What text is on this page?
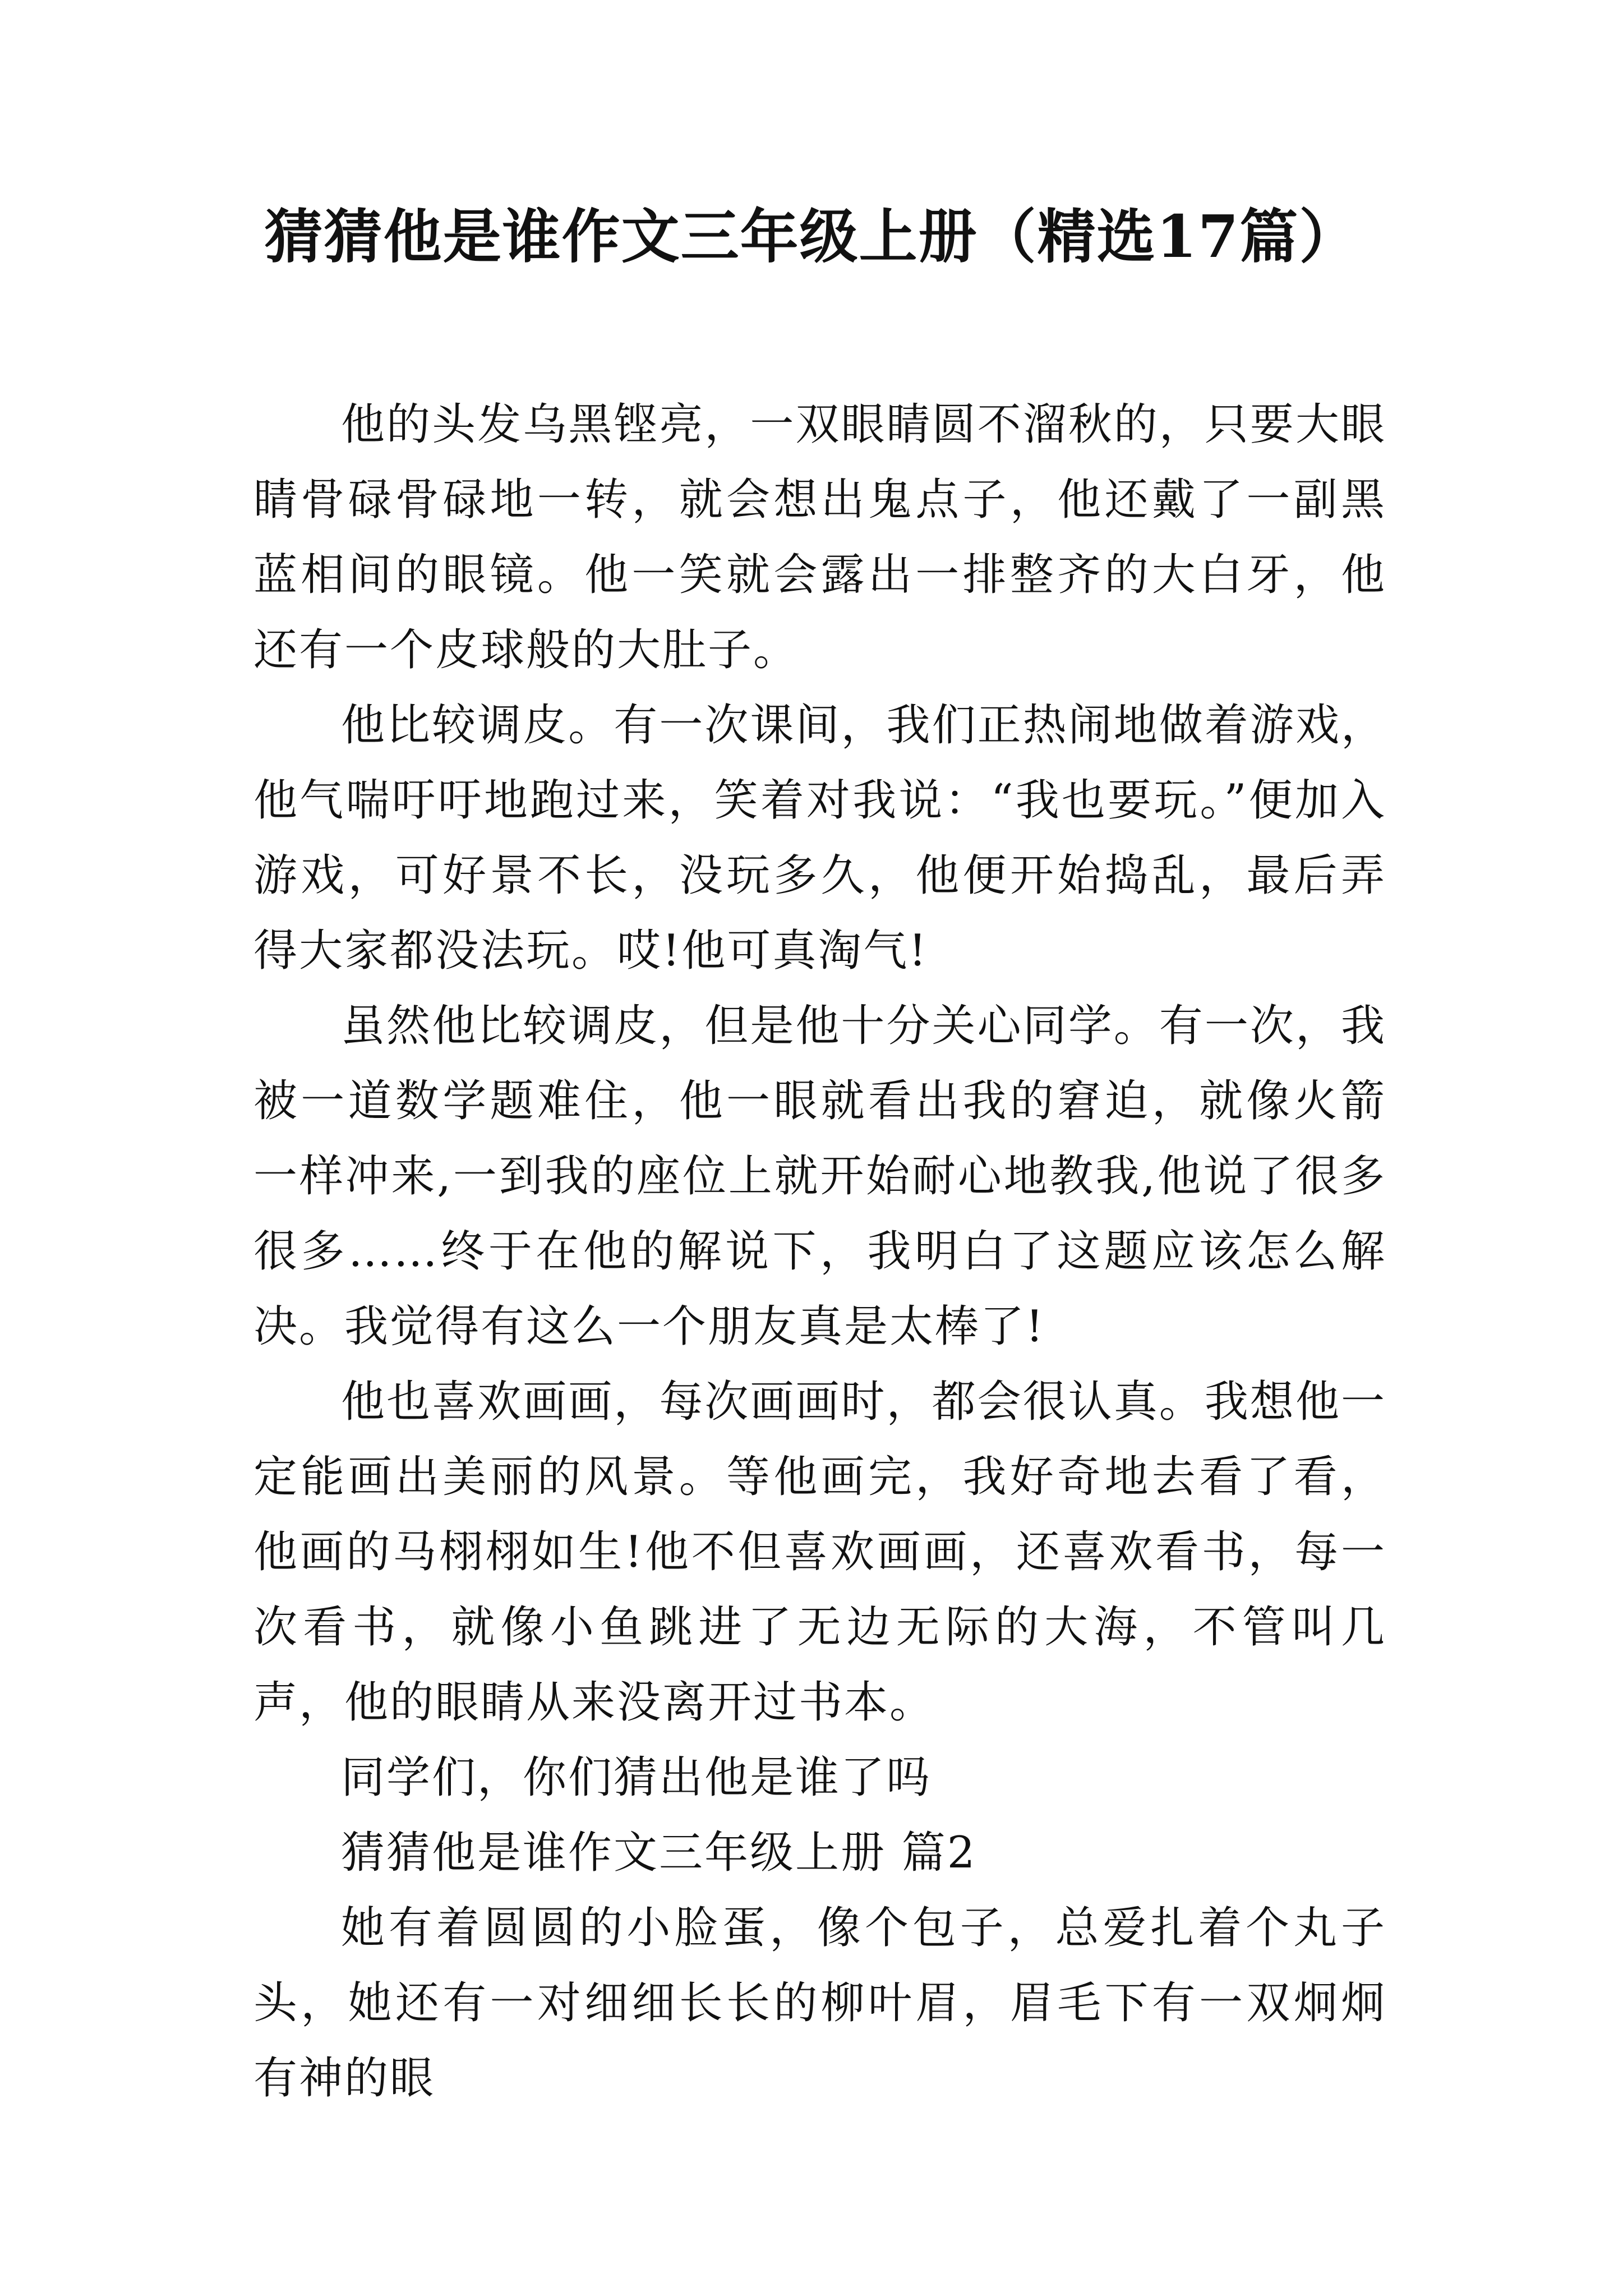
猜猜他是谁作文三年级上册（精选17篇）

他的头发乌黑铿亮，一双眼睛圆不溜秋的，只要大眼睛骨碌骨碌地一转，就会想出鬼点子，他还戴了一副黑蓝相间的眼镜。他一笑就会露出一排整齐的大白牙，他还有一个皮球般的大肚子。

他比较调皮。有一次课间，我们正热闹地做着游戏，他气喘吁吁地跑过来，笑着对我说：“我也要玩。”便加入游戏，可好景不长，没玩多久，他便开始捣乱，最后弄得大家都没法玩。哎!他可真淘气!

虽然他比较调皮，但是他十分关心同学。有一次，我被一道数学题难住，他一眼就看出我的窘迫，就像火箭一样冲来,一到我的座位上就开始耐心地教我,他说了很多很多……终于在他的解说下，我明白了这题应该怎么解决。我觉得有这么一个朋友真是太棒了!

他也喜欢画画，每次画画时，都会很认真。我想他一定能画出美丽的风景。等他画完，我好奇地去看了看，他画的马栩栩如生!他不但喜欢画画，还喜欢看书，每一次看书，就像小鱼跳进了无边无际的大海，不管叫几声，他的眼睛从来没离开过书本。

同学们，你们猜出他是谁了吗

猜猜他是谁作文三年级上册 篇2

她有着圆圆的小脸蛋，像个包子，总爱扎着个丸子头，她还有一对细细长长的柳叶眉，眉毛下有一双炯炯有神的眼
